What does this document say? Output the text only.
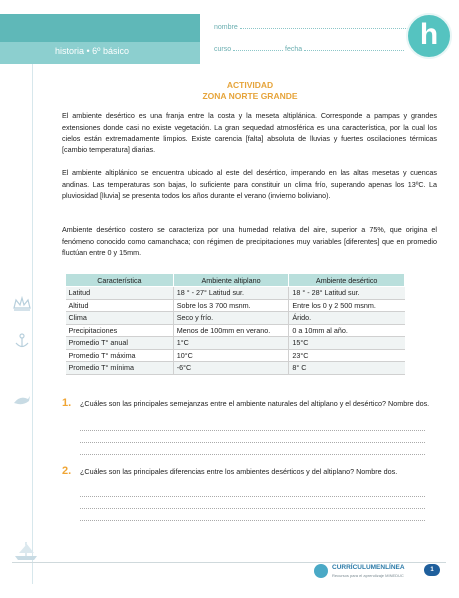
historia • 6º básico
nombre
curso	fecha	h
ACTIVIDAD
ZONA NORTE GRANDE

El ambiente desértico es una franja entre la costa y la meseta altiplánica. Corresponde a pampas y grandes extensiones donde casi no existe vegetación. La gran sequedad atmosférica es una característica, por la cual los cielos están extremadamente limpios. Existe carencia [falta] absoluta de lluvias y fuertes oscilaciones térmicas [cambio temperatura] diarias.

El ambiente altiplánico se encuentra ubicado al este del desértico, imperando en las altas mesetas y cuencas andinas. Las temperaturas son bajas, lo suficiente para constituir un clima frío, superando apenas los 13ºC. La pluviosidad [lluvia] se presenta todos los años durante el verano (invierno boliviano).

Ambiente desértico costero se caracteriza por una humedad relativa del aire, superior a 75%, que origina el fenómeno conocido como camanchaca; con régimen de precipitaciones muy variables [diferentes] que en promedio fluctúan entre 0 y 15mm.

Característica	Ambiente altiplano	Ambiente desértico
Latitud	18 ° - 27° Latitud sur.	18 ° - 28° Latitud sur.
Altitud	Sobre los 3 700 msnm.	Entre los 0 y 2 500 msnm.
Clima	Seco y frío.	Árido.
Precipitaciones	Menos de 100mm en verano.	0 a 10mm al año.
Promedio T° anual	1°C	15°C
Promedio T° máxima	10°C	23°C
Promedio T° mínima	-6°C	8° C
1. ¿Cuáles son las principales semejanzas entre el ambiente naturales del altiplano y el desértico? Nombre dos.
2. ¿Cuáles son las principales diferencias entre los ambientes desérticos y del altiplano? Nombre dos.
CURRÍCULUMENLÍNEA
Recursos para el aprendizaje MINEDUC
1
